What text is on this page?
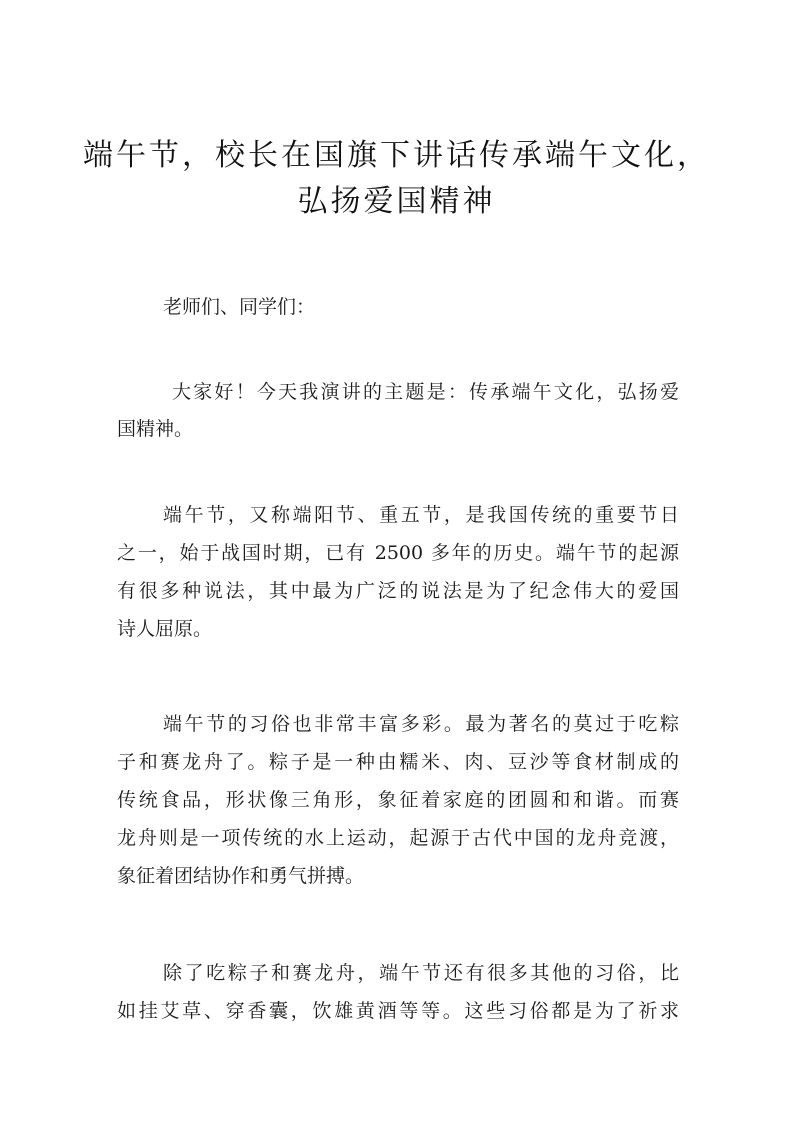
端午节，校长在国旗下讲话传承端午文化，
弘扬爱国精神
老师们、同学们：
大家好！今天我演讲的主题是：传承端午文化，弘扬爱
国精神。
端午节，又称端阳节、重五节，是我国传统的重要节日
之一，始于战国时期，已有 2500 多年的历史。端午节的起源
有很多种说法，其中最为广泛的说法是为了纪念伟大的爱国
诗人屈原。
端午节的习俗也非常丰富多彩。最为著名的莫过于吃粽
子和赛龙舟了。粽子是一种由糯米、肉、豆沙等食材制成的
传统食品，形状像三角形，象征着家庭的团圆和和谐。而赛
龙舟则是一项传统的水上运动，起源于古代中国的龙舟竞渡，
象征着团结协作和勇气拼搏。
除了吃粽子和赛龙舟，端午节还有很多其他的习俗，比
如挂艾草、穿香囊，饮雄黄酒等等。这些习俗都是为了祈求
